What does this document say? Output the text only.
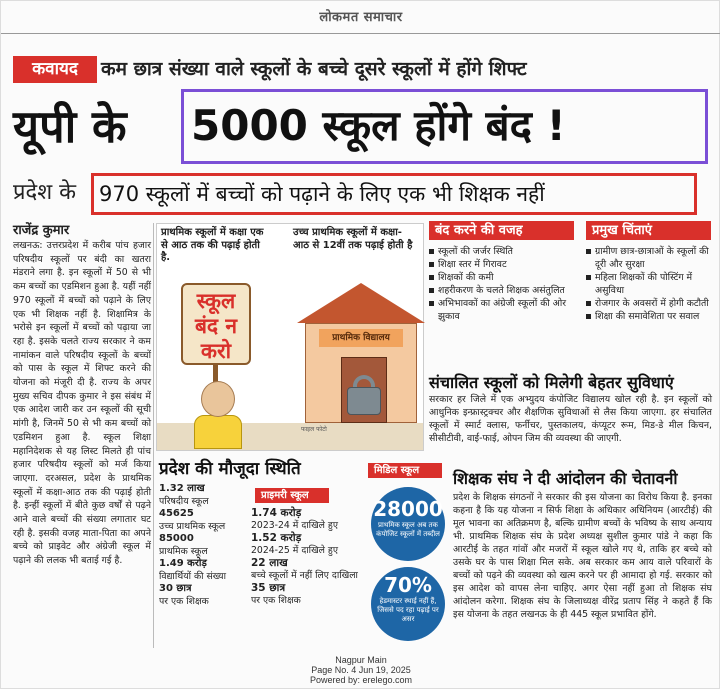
लोकमत समाचार
कवायद	कम छात्र संख्या वाले स्कूलों के बच्चे दूसरे स्कूलों में होंगे शिफ्ट
यूपी के 5000 स्कूल होंगे बंद !
प्रदेश के 970 स्कूलों में बच्चों को पढ़ाने के लिए एक भी शिक्षक नहीं
राजेंद्र कुमार
लखनऊ: उत्तरप्रदेश में करीब पांच हजार परिषदीय स्कूलों पर बंदी का खतरा मंडराने लगा है. इन स्कूलों में 50 से भी कम बच्चों का एडमिशन हुआ है. यहीं नहीं 970 स्कूलों में बच्चों को पढ़ाने के लिए एक भी शिक्षक नहीं है. शिक्षामित्र के भरोसे इन स्कूलों में बच्चों को पढ़ाया जा रहा है. इसके चलते राज्य सरकार ने कम नामांकन वाले परिषदीय स्कूलों के बच्चों को पास के स्कूल में शिफ्ट करने की योजना को मंजूरी दी है. राज्य के अपर मुख्य सचिव दीपक कुमार ने इस संबंध में एक आदेश जारी कर उन स्कूलों की सूची मांगी है, जिनमें 50 से भी कम बच्चों को एडमिशन हुआ है. स्कूल शिक्षा महानिदेशक से यह लिस्ट मिलते ही पांच हजार परिषदीय स्कूलों को मर्ज किया जाएगा. दरअसल, प्रदेश के प्राथमिक स्कूलों में कक्षा-आठ तक की पढ़ाई होती है. इन्हीं स्कूलों में बीते कुछ वर्षों से पढ़ने आने वाले बच्चों की संख्या लगातार घट रही है. इसकी वजह माता-पिता का अपने बच्चे को प्राइवेट और अंग्रेजी स्कूल में पढ़ाने की ललक भी बताई गई है.
प्राथमिक स्कूलों में कक्षा एक से आठ तक की पढ़ाई होती है.
उच्च प्राथमिक स्कूलों में कक्षा-आठ से 12वीं तक पढ़ाई होती है
प्राथमिक विद्यालय
स्कूल बंद न करो
फाइल फोटो
बंद करने की वजह
स्कूलों की जर्जर स्थिति
शिक्षा स्तर में गिरावट
शिक्षकों की कमी
शहरीकरण के चलते शिक्षक असंतुलित
अभिभावकों का अंग्रेजी स्कूलों की ओर झुकाव
प्रमुख चिंताएं
ग्रामीण छात्र-छात्राओं के स्कूलों की दूरी और सुरक्षा
महिला शिक्षकों की पोस्टिंग में असुविधा
रोजगार के अवसरों में होगी कटौती
शिक्षा की समावेशिता पर सवाल
संचालित स्कूलों को मिलेगी बेहतर सुविधाएं
सरकार हर जिले में एक अभ्युदय कंपोजिट विद्यालय खोल रही है. इन स्कूलों को आधुनिक इन्फ्रास्ट्रक्चर और शैक्षणिक सुविधाओं से लैस किया जाएगा. हर संचालित स्कूलों में स्मार्ट क्लास, फर्नीचर, पुस्तकालय, कंप्यूटर रूम, मिड-डे मील किचन, सीसीटीवी, वाई-फाई, ओपन जिम की व्यवस्था की जाएगी.
प्रदेश की मौजूदा स्थिति
1.32 लाख
परिषदीय स्कूल
45625
उच्च प्राथमिक स्कूल
85000
प्राथमिक स्कूल
1.49 करोड़
विद्यार्थियों की संख्या
30 छात्र
पर एक शिक्षक
प्राइमरी स्कूल
1.74 करोड़
2023-24 में दाखिले हुए
1.52 करोड़
2024-25 में दाखिले हुए
22 लाख
बच्चे स्कूलों में नहीं लिए दाखिला
35 छात्र
पर एक शिक्षक
मिडिल स्कूल
28000
प्राथमिक स्कूल अब तक कंपोजिट स्कूलों में तब्दील
70%
हेडमास्टर स्थाई नहीं हैं, जिससे पद रहा पढ़ाई पर असर
शिक्षक संघ ने दी आंदोलन की चेतावनी
प्रदेश के शिक्षक संगठनों ने सरकार की इस योजना का विरोध किया है. इनका कहना है कि यह योजना न सिर्फ शिक्षा के अधिकार अधिनियम (आरटीई) की मूल भावना का अतिक्रमण है, बल्कि ग्रामीण बच्चों के भविष्य के साथ अन्याय भी. प्राथमिक शिक्षक संघ के प्रदेश अध्यक्ष सुशील कुमार पांडे ने कहा कि आरटीई के तहत गांवों और मजरों में स्कूल खोले गए थे, ताकि हर बच्चे को उसके घर के पास शिक्षा मिल सके. अब सरकार कम आय वाले परिवारों के बच्चों को पढ़ने की व्यवस्था को खत्म करने पर ही आमादा हो गई. सरकार को इस आदेश को वापस लेना चाहिए. अगर ऐसा नहीं हुआ तो शिक्षक संघ आंदोलन करेगा. शिक्षक संघ के जिलाध्यक्ष वीरेंद्र प्रताप सिंह ने कहते हैं कि इस योजना के तहत लखनऊ के ही 445 स्कूल प्रभावित होंगे.
Nagpur Main
Page No. 4 Jun 19, 2025
Powered by: erelego.com
